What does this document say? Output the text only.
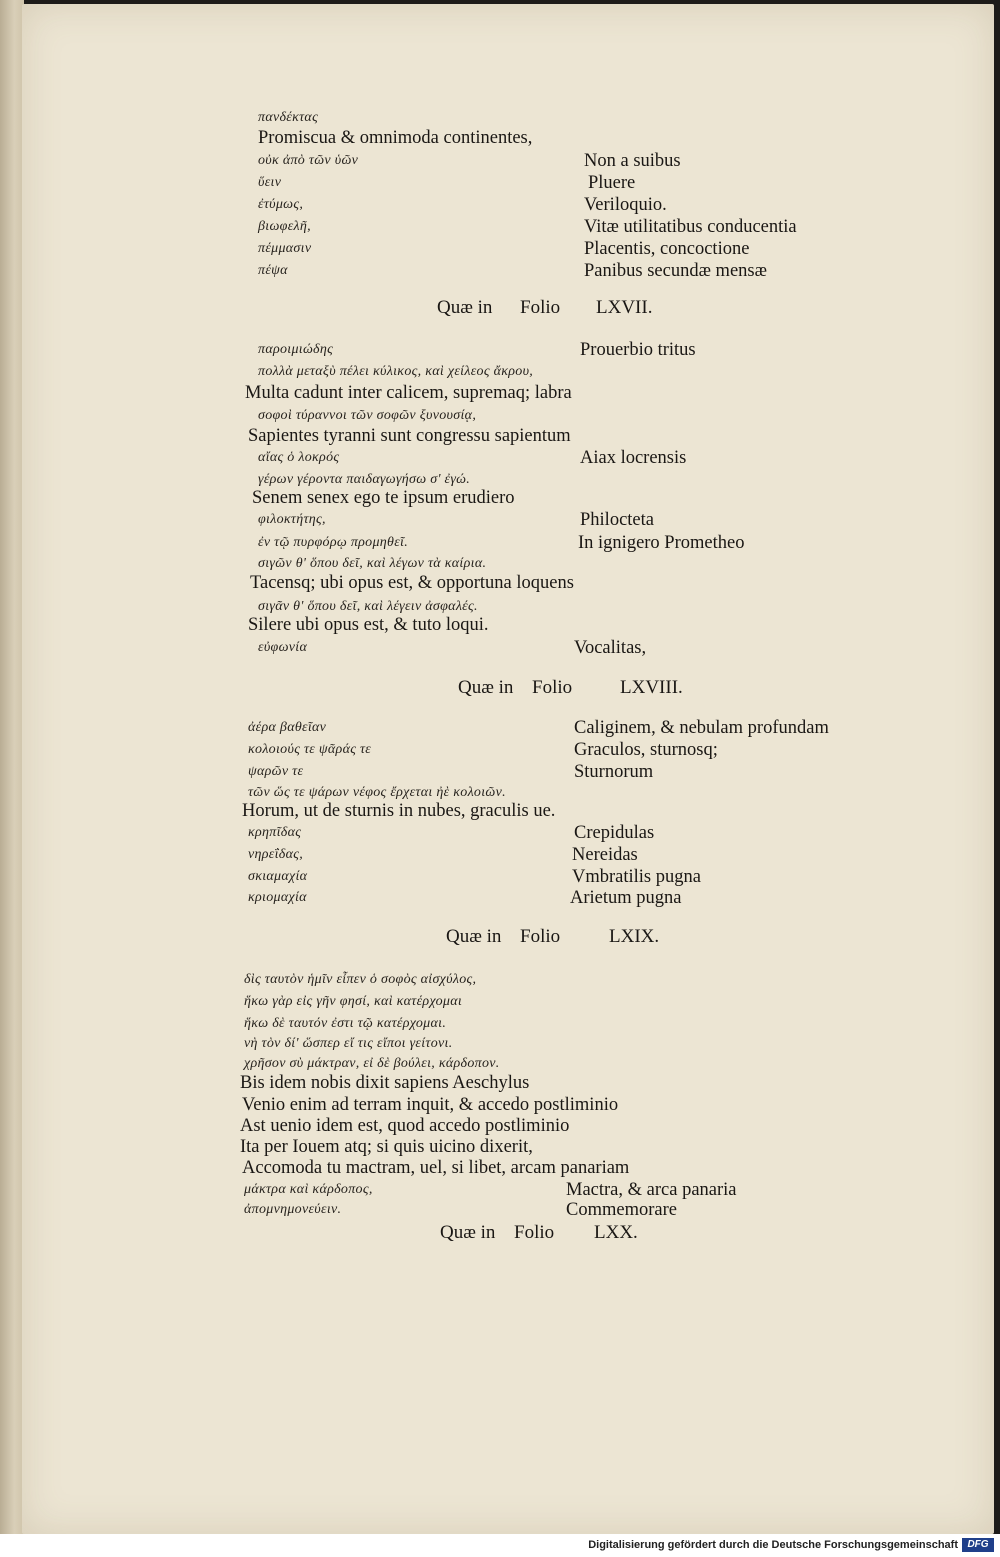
πανδέκτας
Promiscua & omnimoda continentes,
οὐκ ἀπὸ τῶν ὑῶν	Non a suibus
ὕειν	Pluere
ἐτύμως,	Veriloquio.
βιωφελῆ,	Vitæ utilitatibus conducentia
πέμμασιν	Placentis, concoctione
πέψα	Panibus secundæ mensæ
Quæ in Folio LXVII.
παροιμιώδης	Prouerbio tritus
πολλὰ μεταξὺ πέλει κύλικος, καὶ χείλεος ἄκρου,
Multa cadunt inter calicem, supremaq; labra
σοφοὶ τύραννοι τῶν σοφῶν ξυνουσίᾳ,
Sapientes tyranni sunt congressu sapientum
αἴας ὁ λοκρός	Aiax locrensis
γέρων γέροντα παιδαγωγήσω σ' ἐγώ.
Senem senex ego te ipsum erudiero
φιλοκτήτης,	Philocteta
ἐν τῷ πυρφόρῳ προμηθεῖ.	In ignigero Prometheo
σιγῶν θ' ὅπου δεῖ, καὶ λέγων τὰ καίρια.
Tacensq; ubi opus est, & opportuna loquens
σιγᾶν θ' ὅπου δεῖ, καὶ λέγειν ἀσφαλές.
Silere ubi opus est, & tuto loqui.
εὐφωνία	Vocalitas,
Quæ in Folio	LXVIII.
ἀέρα βαθεῖαν	Caliginem, & nebulam profundam
κολοιούς τε ψᾶράς τε	Graculos, sturnosq;
ψαρῶν τε	Sturnorum
τῶν ὥς τε ψάρων νέφος ἔρχεται ἠὲ κολοιῶν.
Horum, ut de sturnis in nubes, graculis ue.
κρηπῖδας	Crepidulas
νηρεΐδας,	Nereidas
σκιαμαχία	Vmbratilis pugna
κριομαχία	Arietum pugna
Quæ in Folio	LXIX.
δὶς ταυτὸν ἡμῖν εἶπεν ὁ σοφὸς αἰσχύλος,
ἥκω γὰρ εἰς γῆν φησί, καὶ κατέρχομαι
ἥκω δὲ ταυτόν ἐστι τῷ κατέρχομαι.
νὴ τὸν δί' ὥσπερ εἴ τις εἴποι γείτονι.
χρῆσον σὺ μάκτραν, εἰ δὲ βούλει, κάρδοπον.
Bis idem nobis dixit sapiens Aeschylus
Venio enim ad terram inquit, & accedo postliminio
Ast uenio idem est, quod accedo postliminio
Ita per Iouem atq; si quis uicino dixerit,
Accomoda tu mactram, uel, si libet, arcam panariam
μάκτρα καὶ κάρδοπος,	Mactra, & arca panaria
ἀπομνημονεύειν.	Commemorare
Quæ in Folio LXX.
Digitalisierung gefördert durch die Deutsche Forschungsgemeinschaft DFG
